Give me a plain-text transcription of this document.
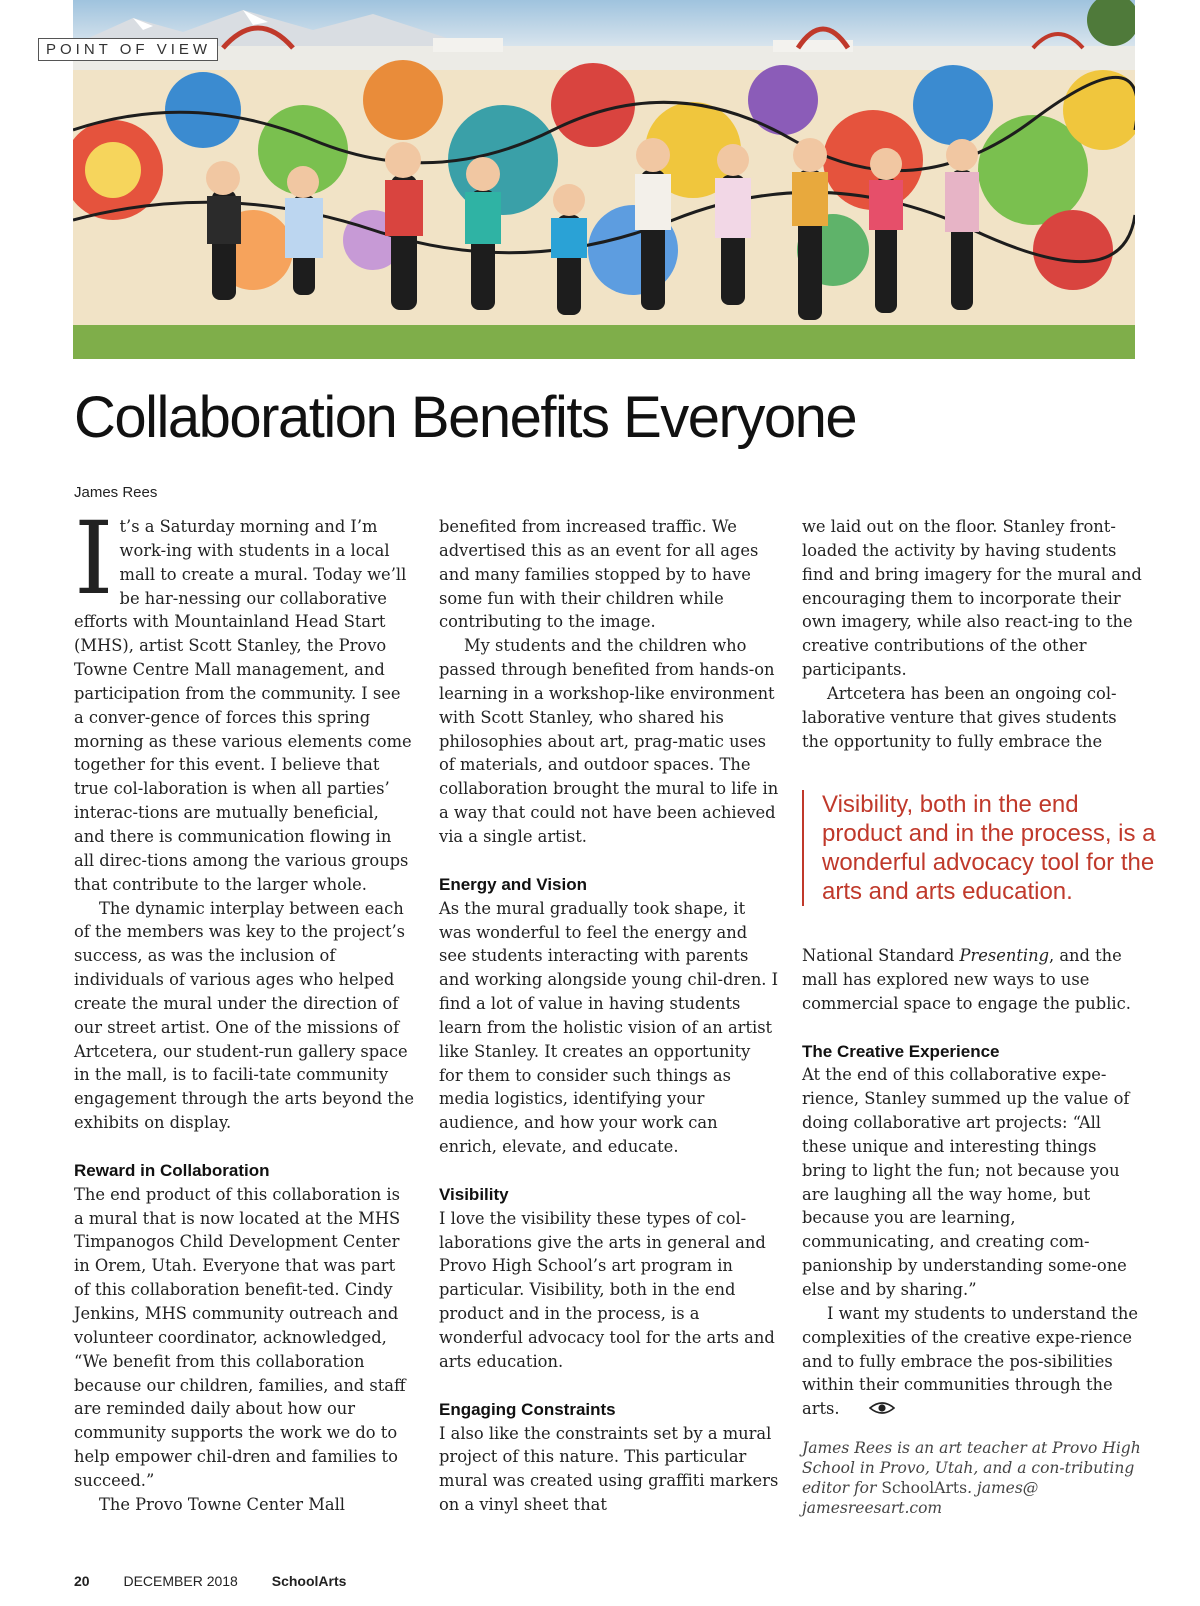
POINT OF VIEW
Collaboration Benefits Everyone
James Rees

It’s a Saturday morning and I’m work-ing with students in a local mall to create a mural. Today we’ll be har-nessing our collaborative efforts with Mountainland Head Start (MHS), artist Scott Stanley, the Provo Towne Centre Mall management, and participation from the community. I see a conver-gence of forces this spring morning as these various elements come together for this event. I believe that true col-laboration is when all parties’ interac-tions are mutually beneficial, and there is communication flowing in all direc-tions among the various groups that contribute to the larger whole.

The dynamic interplay between each of the members was key to the project’s success, as was the inclusion of individuals of various ages who helped create the mural under the direction of our street artist. One of the missions of Artcetera, our student-run gallery space in the mall, is to facili-tate community engagement through the arts beyond the exhibits on display.

Reward in Collaboration

The end product of this collaboration is a mural that is now located at the MHS Timpanogos Child Development Center in Orem, Utah. Everyone that was part of this collaboration benefit-ted. Cindy Jenkins, MHS community outreach and volunteer coordinator, acknowledged, “We benefit from this collaboration because our children, families, and staff are reminded daily about how our community supports the work we do to help empower chil-dren and families to succeed.”

The Provo Towne Center Mall

benefited from increased traffic. We advertised this as an event for all ages and many families stopped by to have some fun with their children while contributing to the image.

My students and the children who passed through benefited from hands-on learning in a workshop-like environment with Scott Stanley, who shared his philosophies about art, prag-matic uses of materials, and outdoor spaces. The collaboration brought the mural to life in a way that could not have been achieved via a single artist.

Energy and Vision

As the mural gradually took shape, it was wonderful to feel the energy and see students interacting with parents and working alongside young chil-dren. I find a lot of value in having students learn from the holistic vision of an artist like Stanley. It creates an opportunity for them to consider such things as media logistics, identifying your audience, and how your work can enrich, elevate, and educate.

Visibility

I love the visibility these types of col-laborations give the arts in general and Provo High School’s art program in particular. Visibility, both in the end product and in the process, is a wonderful advocacy tool for the arts and arts education.

Engaging Constraints

I also like the constraints set by a mural project of this nature. This particular mural was created using graffiti markers on a vinyl sheet that

we laid out on the floor. Stanley front-loaded the activity by having students find and bring imagery for the mural and encouraging them to incorporate their own imagery, while also react-ing to the creative contributions of the other participants.

Artcetera has been an ongoing col-laborative venture that gives students the opportunity to fully embrace the

Visibility, both in the end product and in the process, is a wonderful advocacy tool for the arts and arts education.

National Standard Presenting, and the mall has explored new ways to use commercial space to engage the public.

The Creative Experience

At the end of this collaborative expe-rience, Stanley summed up the value of doing collaborative art projects: “All these unique and interesting things bring to light the fun; not because you are laughing all the way home, but because you are learning, communicating, and creating com-panionship by understanding some-one else and by sharing.”

I want my students to understand the complexities of the creative expe-rience and to fully embrace the pos-sibilities within their communities through the arts.

James Rees is an art teacher at Provo High School in Provo, Utah, and a con-tributing editor for SchoolArts. james@ jamesreesart.com

20 DECEMBER 2018 SchoolArts
